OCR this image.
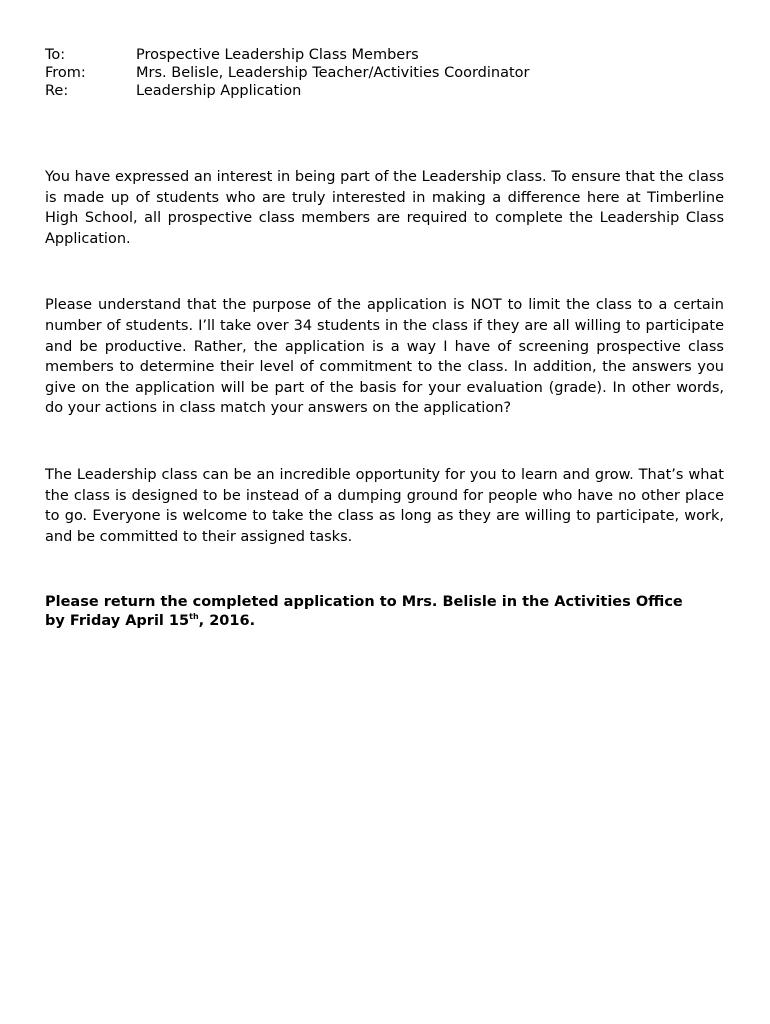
To:	Prospective Leadership Class Members
From:	Mrs. Belisle, Leadership Teacher/Activities Coordinator
Re:	Leadership Application

You have expressed an interest in being part of the Leadership class. To ensure that the class is made up of students who are truly interested in making a difference here at Timberline High School, all prospective class members are required to complete the Leadership Class Application.

Please understand that the purpose of the application is NOT to limit the class to a certain number of students. I’ll take over 34 students in the class if they are all willing to participate and be productive. Rather, the application is a way I have of screening prospective class members to determine their level of commitment to the class. In addition, the answers you give on the application will be part of the basis for your evaluation (grade). In other words, do your actions in class match your answers on the application?

The Leadership class can be an incredible opportunity for you to learn and grow. That’s what the class is designed to be instead of a dumping ground for people who have no other place to go. Everyone is welcome to take the class as long as they are willing to participate, work, and be committed to their assigned tasks.

Please return the completed application to Mrs. Belisle in the Activities Office
by Friday April 15th, 2016.
